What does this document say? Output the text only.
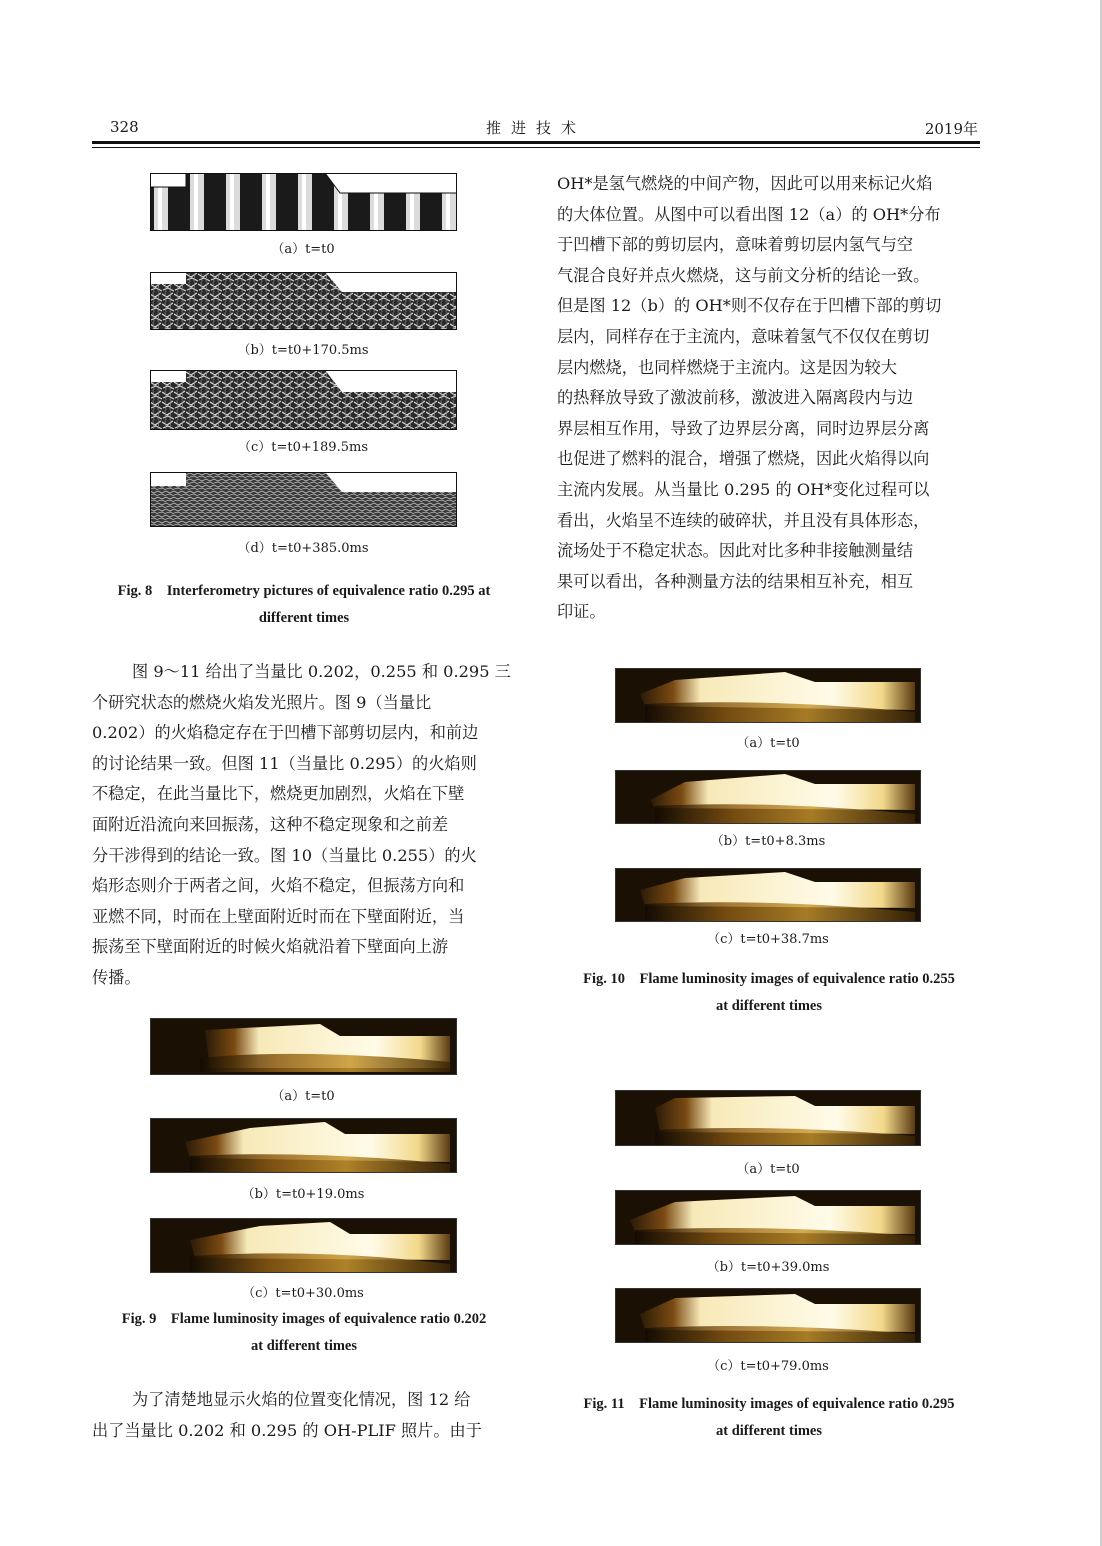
328	推进技术	2019年
（a）t=t0
（b）t=t0+170.5ms
（c）t=t0+189.5ms
（d）t=t0+385.0ms
Fig. 8    Interferometry pictures of equivalence ratio 0.295 at
different times
图 9～11 给出了当量比 0.202，0.255 和 0.295 三
个研究状态的燃烧火焰发光照片。图 9（当量比
0.202）的火焰稳定存在于凹槽下部剪切层内，和前边
的讨论结果一致。但图 11（当量比 0.295）的火焰则
不稳定，在此当量比下，燃烧更加剧烈，火焰在下壁
面附近沿流向来回振荡，这种不稳定现象和之前差
分干涉得到的结论一致。图 10（当量比 0.255）的火
焰形态则介于两者之间，火焰不稳定，但振荡方向和
亚燃不同，时而在上壁面附近时而在下壁面附近，当
振荡至下壁面附近的时候火焰就沿着下壁面向上游
传播。
（a）t=t0
（b）t=t0+19.0ms
（c）t=t0+30.0ms
Fig. 9    Flame luminosity images of equivalence ratio 0.202
at different times
为了清楚地显示火焰的位置变化情况，图 12 给
出了当量比 0.202 和 0.295 的 OH-PLIF 照片。由于
OH*是氢气燃烧的中间产物，因此可以用来标记火焰
的大体位置。从图中可以看出图 12（a）的 OH*分布
于凹槽下部的剪切层内，意味着剪切层内氢气与空
气混合良好并点火燃烧，这与前文分析的结论一致。
但是图 12（b）的 OH*则不仅存在于凹槽下部的剪切
层内，同样存在于主流内，意味着氢气不仅仅在剪切
层内燃烧，也同样燃烧于主流内。这是因为较大
的热释放导致了激波前移，激波进入隔离段内与边
界层相互作用，导致了边界层分离，同时边界层分离
也促进了燃料的混合，增强了燃烧，因此火焰得以向
主流内发展。从当量比 0.295 的 OH*变化过程可以
看出，火焰呈不连续的破碎状，并且没有具体形态，
流场处于不稳定状态。因此对比多种非接触测量结
果可以看出，各种测量方法的结果相互补充，相互
印证。
（a）t=t0
（b）t=t0+8.3ms
（c）t=t0+38.7ms
Fig. 10    Flame luminosity images of equivalence ratio 0.255
at different times
（a）t=t0
（b）t=t0+39.0ms
（c）t=t0+79.0ms
Fig. 11    Flame luminosity images of equivalence ratio 0.295
at different times
